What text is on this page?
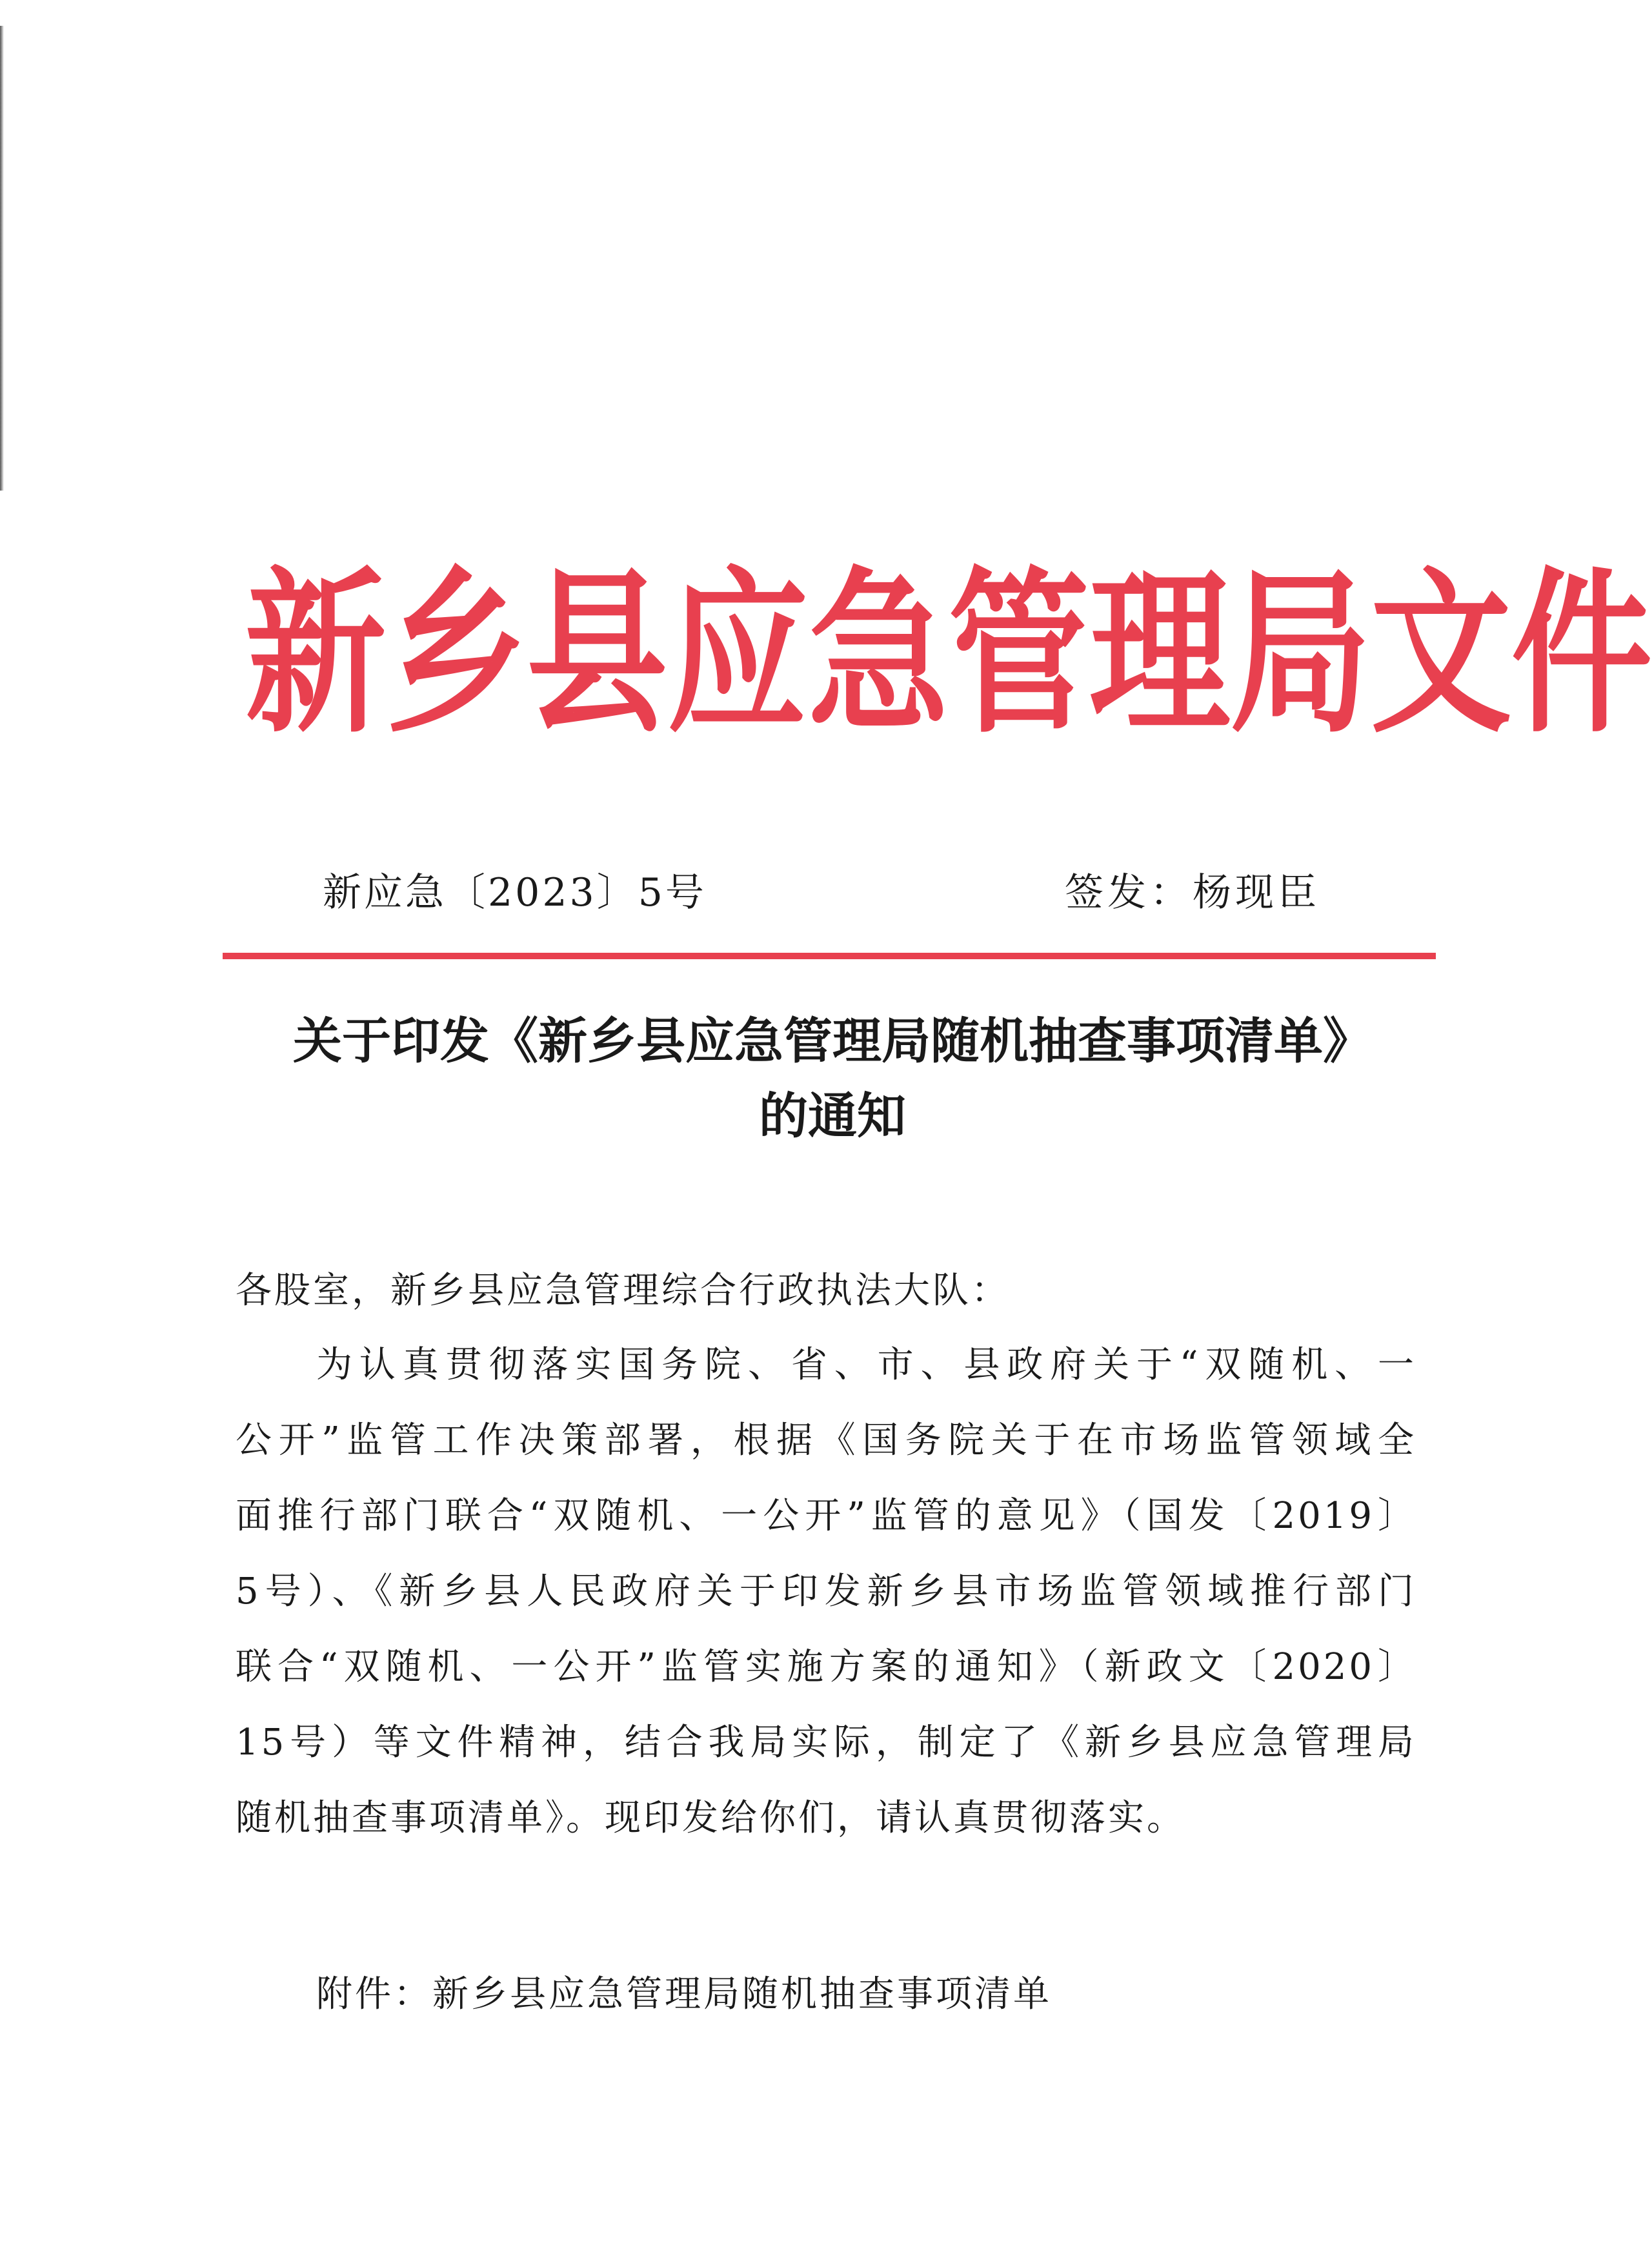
新 乡 县 应 急 管 理 局 文 件
新应急〔2023〕5号	签发：杨现臣
关于印发《新乡县应急管理局随机抽查事项清单》
的通知
各股室，新乡县应急管理综合行政执法大队：
为认真贯彻落实国务院、省、市、县政府关于“双随机、一
公开”监管工作决策部署，根据《国务院关于在市场监管领域全
面推行部门联合“双随机、一公开”监管的意见》（国发〔2019〕
5号）、《新乡县人民政府关于印发新乡县市场监管领域推行部门
联合“双随机、一公开”监管实施方案的通知》（新政文〔2020〕
15号）等文件精神，结合我局实际，制定了《新乡县应急管理局
随机抽查事项清单》。现印发给你们，请认真贯彻落实。
附件：新乡县应急管理局随机抽查事项清单
